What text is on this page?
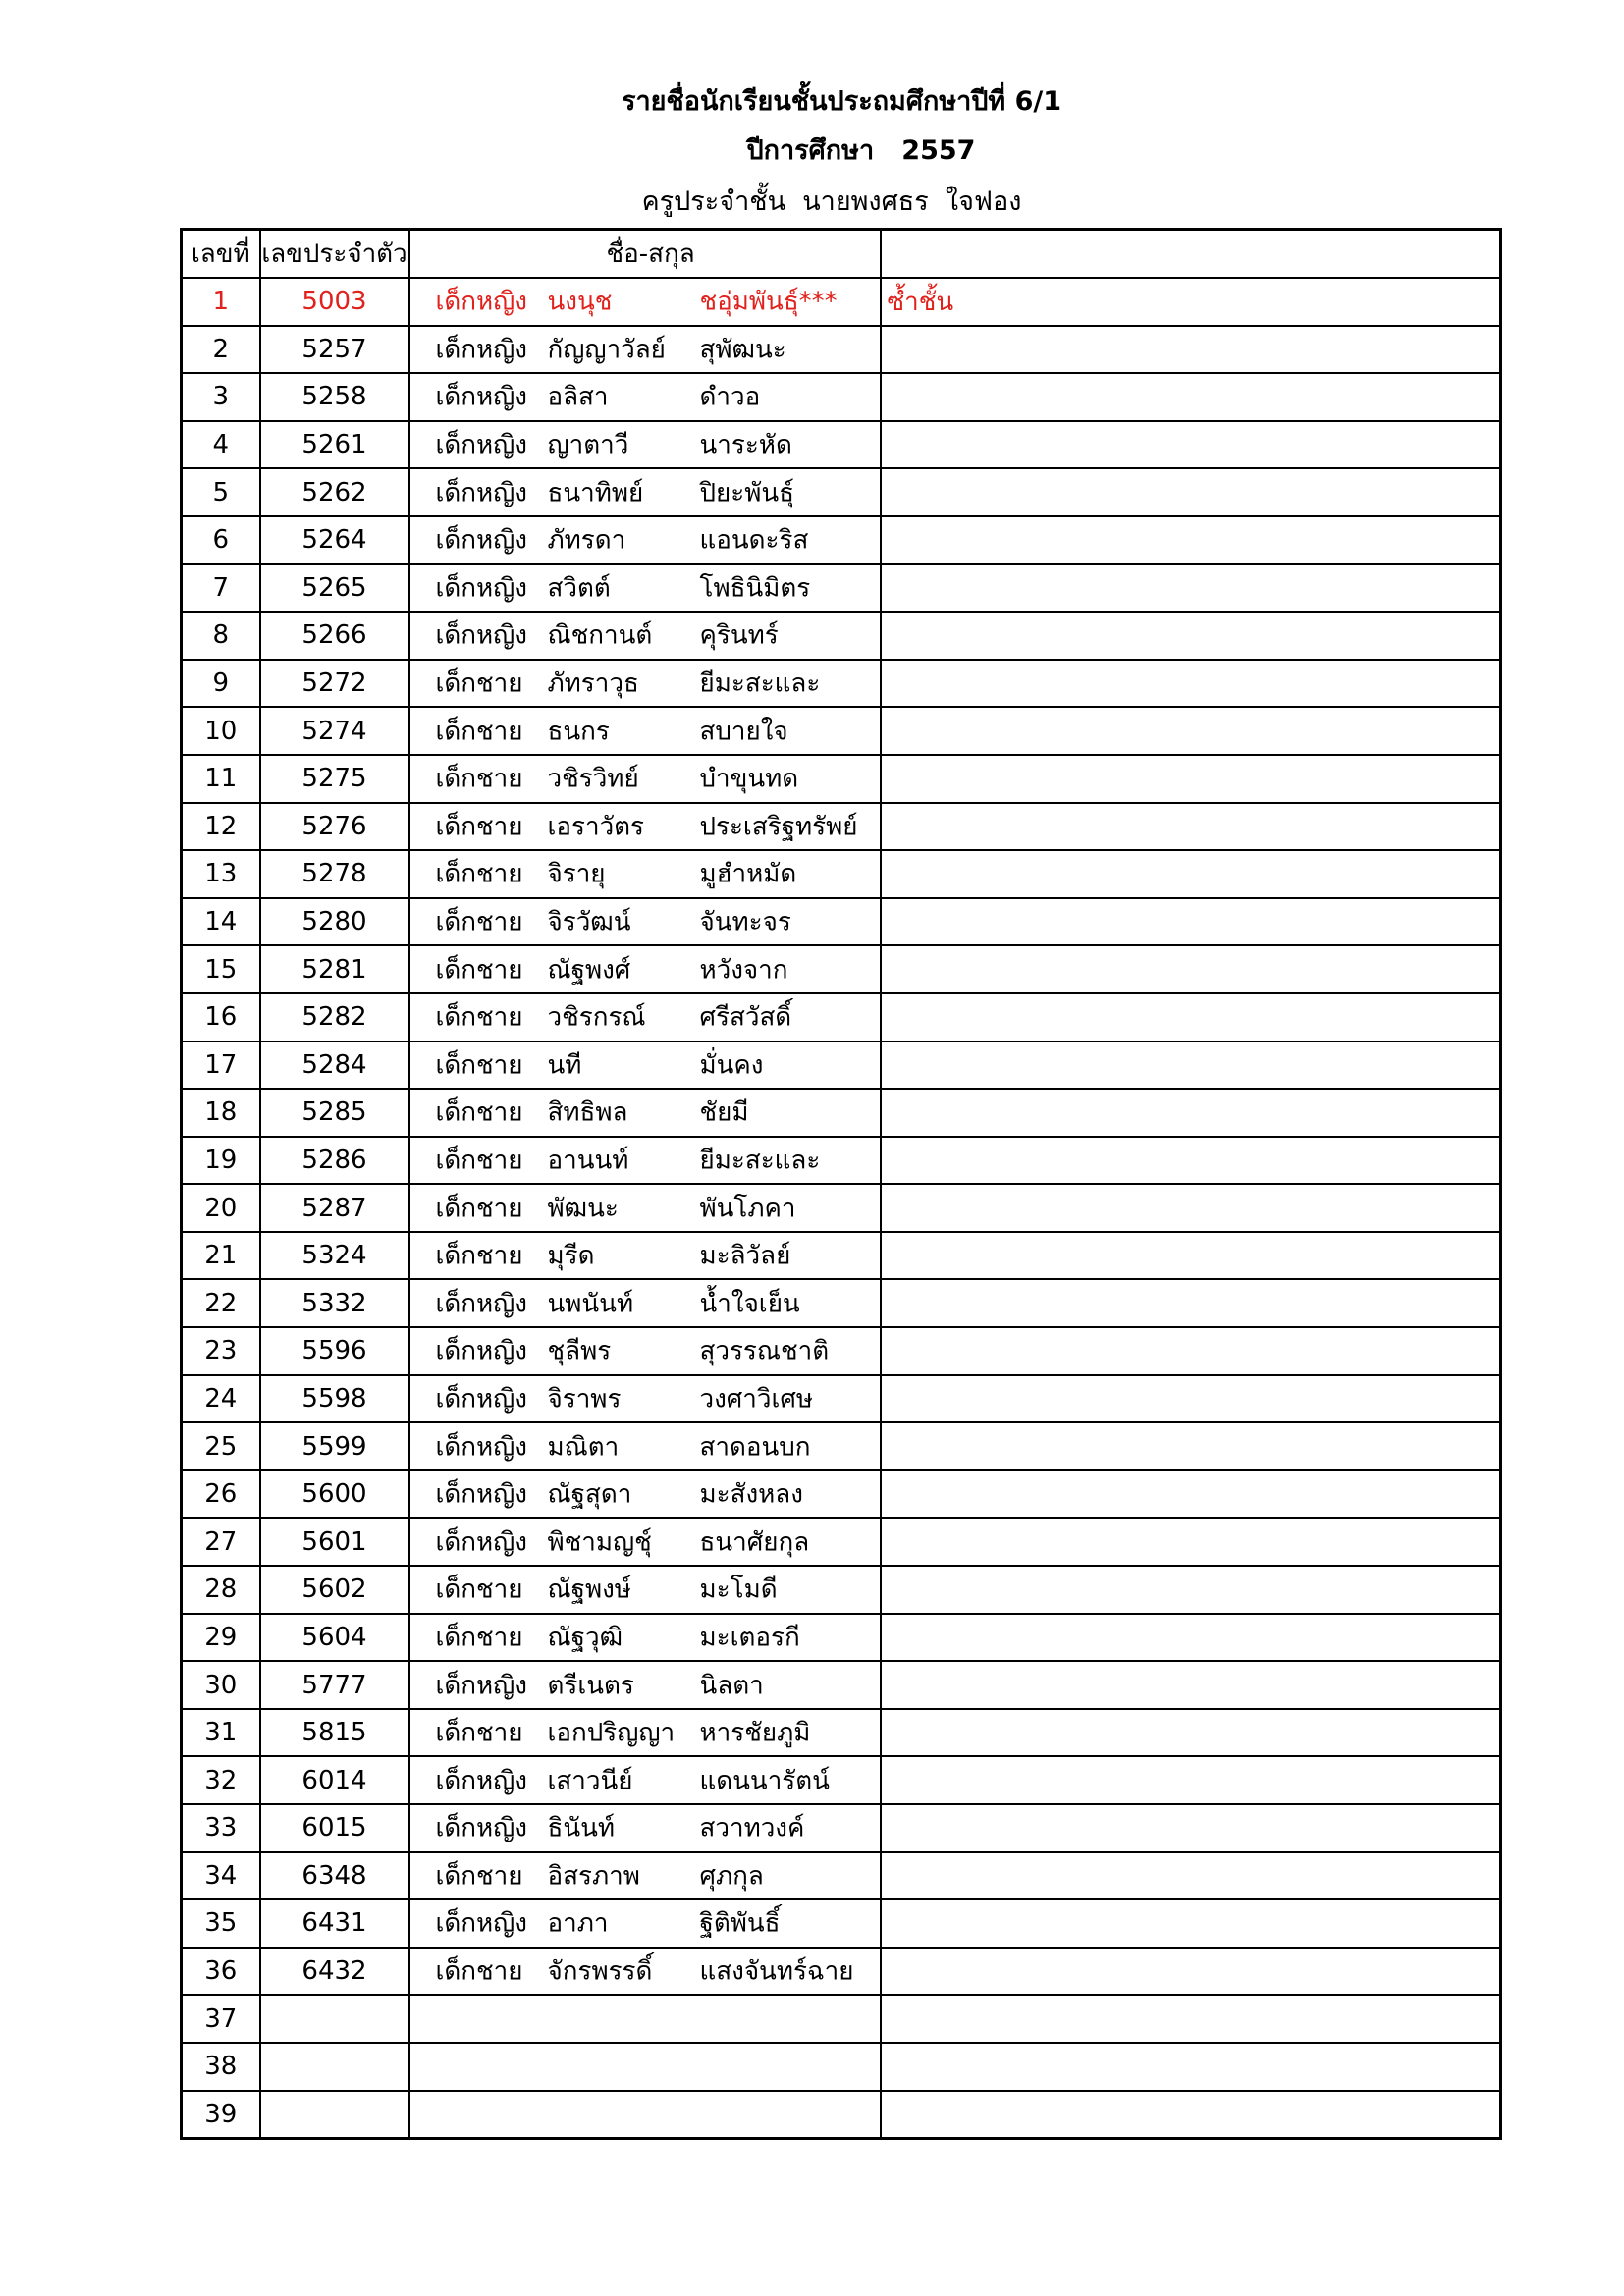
รายชื่อนักเรียนชั้นประถมศึกษาปีที่ 6/1
ปีการศึกษา   2557
ครูประจำชั้น  นายพงศธร  ใจฟอง
เลขที่	เลขประจำตัว	ชื่อ-สกุล	
1	5003	เด็กหญิง นงนุช ชอุ่มพันธุ์***	ซ้ำชั้น
2	5257	เด็กหญิง กัญญาวัลย์ สุพัฒนะ	

3	5258	เด็กหญิง อลิสา ดำวอ	

4	5261	เด็กหญิง ญาตาวี นาระหัด	

5	5262	เด็กหญิง ธนาทิพย์ ปิยะพันธุ์	

6	5264	เด็กหญิง ภัทรดา แอนดะริส	

7	5265	เด็กหญิง สวิตต์ โพธินิมิตร	

8	5266	เด็กหญิง ณิชกานต์ คุรินทร์	

9	5272	เด็กชาย ภัทราวุธ ยีมะสะและ	

10	5274	เด็กชาย ธนกร สบายใจ	

11	5275	เด็กชาย วชิรวิทย์ บำขุนทด	

12	5276	เด็กชาย เอราวัตร ประเสริฐทรัพย์	

13	5278	เด็กชาย จิรายุ มูฮำหมัด	

14	5280	เด็กชาย จิรวัฒน์ จันทะจร	

15	5281	เด็กชาย ณัฐพงศ์ หวังจาก	

16	5282	เด็กชาย วชิรกรณ์ ศรีสวัสดิ์	

17	5284	เด็กชาย นที มั่นคง	

18	5285	เด็กชาย สิทธิพล ชัยมี	

19	5286	เด็กชาย อานนท์ ยีมะสะและ	

20	5287	เด็กชาย พัฒนะ พันโภคา	

21	5324	เด็กชาย มุรีด มะลิวัลย์	

22	5332	เด็กหญิง นพนันท์ น้ำใจเย็น	

23	5596	เด็กหญิง ชุลีพร สุวรรณชาติ	

24	5598	เด็กหญิง จิราพร วงศาวิเศษ	

25	5599	เด็กหญิง มณิตา สาดอนบก	

26	5600	เด็กหญิง ณัฐสุดา มะสังหลง	

27	5601	เด็กหญิง พิชามญชุ์ ธนาศัยกุล	

28	5602	เด็กชาย ณัฐพงษ์ มะโมดี	

29	5604	เด็กชาย ณัฐวุฒิ มะเตอรกี	

30	5777	เด็กหญิง ตรีเนตร นิลตา	

31	5815	เด็กชาย เอกปริญญา หารชัยภูมิ	

32	6014	เด็กหญิง เสาวนีย์ แดนนารัตน์	

33	6015	เด็กหญิง ธินันท์ สวาทวงค์	

34	6348	เด็กชาย อิสรภาพ ศุภกุล	

35	6431	เด็กหญิง อาภา ฐิติพันธิ์	

36	6432	เด็กชาย จักรพรรดิ์ แสงจันทร์ฉาย	

37		

38		

39		
